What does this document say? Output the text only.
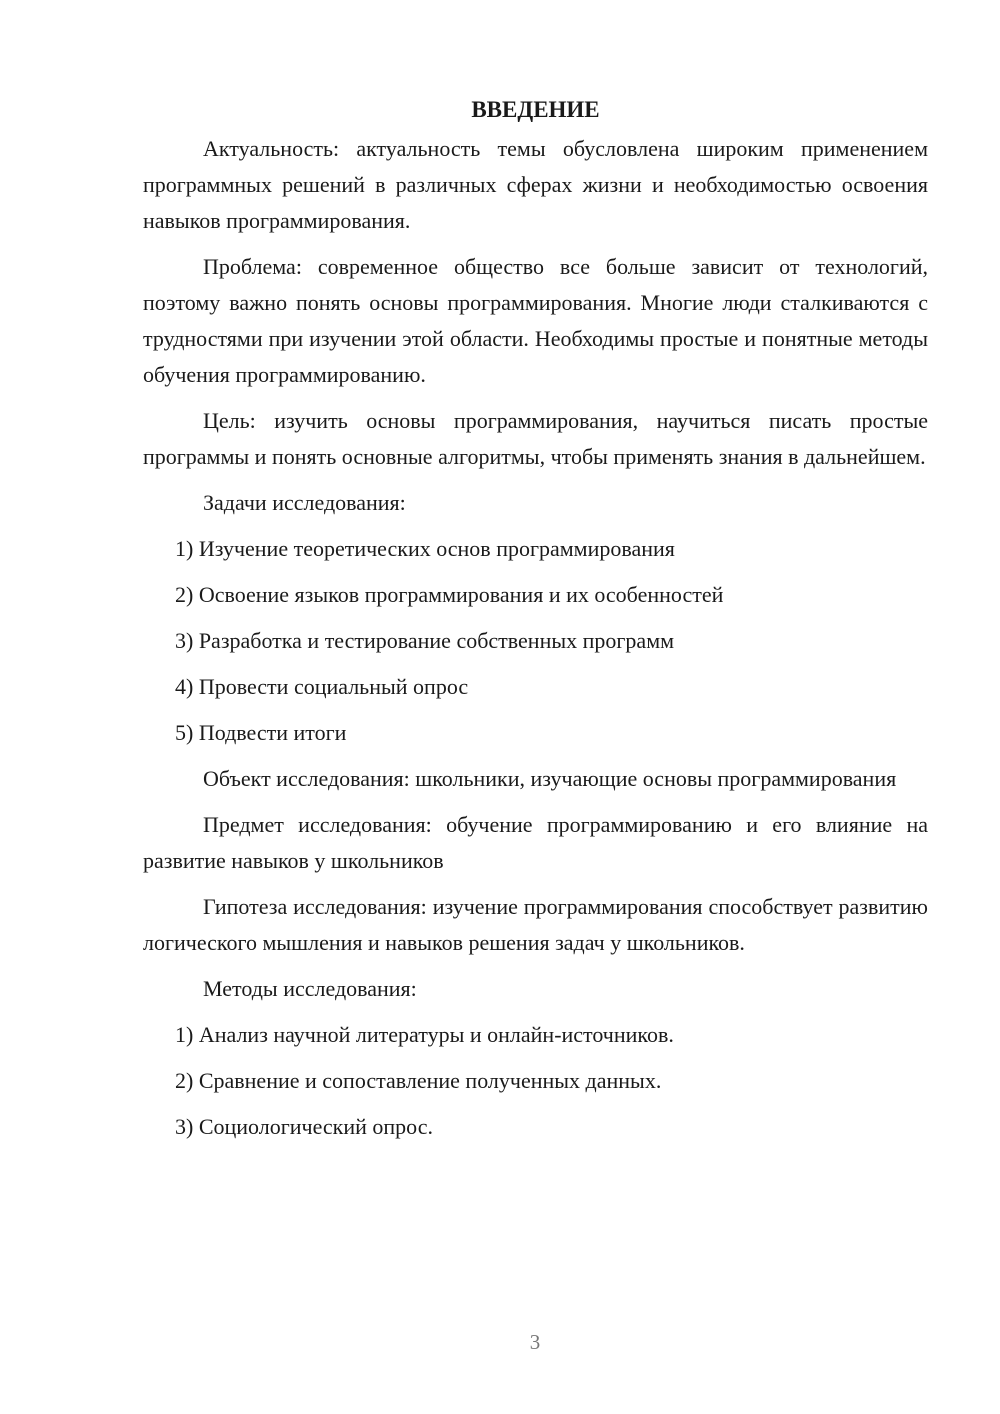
ВВЕДЕНИЕ

Актуальность: актуальность темы обусловлена широким применением программных решений в различных сферах жизни и необходимостью освоения навыков программирования.

Проблема: современное общество все больше зависит от технологий, поэтому важно понять основы программирования. Многие люди сталкиваются с трудностями при изучении этой области. Необходимы простые и понятные методы обучения программированию.

Цель: изучить основы программирования, научиться писать простые программы и понять основные алгоритмы, чтобы применять знания в дальнейшем.

Задачи исследования:

1) Изучение теоретических основ программирования
2) Освоение языков программирования и их особенностей
3) Разработка и тестирование собственных программ
4) Провести социальный опрос
5) Подвести итоги

Объект исследования: школьники, изучающие основы программирования

Предмет исследования: обучение программированию и его влияние на развитие навыков у школьников

Гипотеза исследования: изучение программирования способствует развитию логического мышления и навыков решения задач у школьников.

Методы исследования:

1) Анализ научной литературы и онлайн-источников.
2) Сравнение и сопоставление полученных данных.
3) Социологический опрос.
3
